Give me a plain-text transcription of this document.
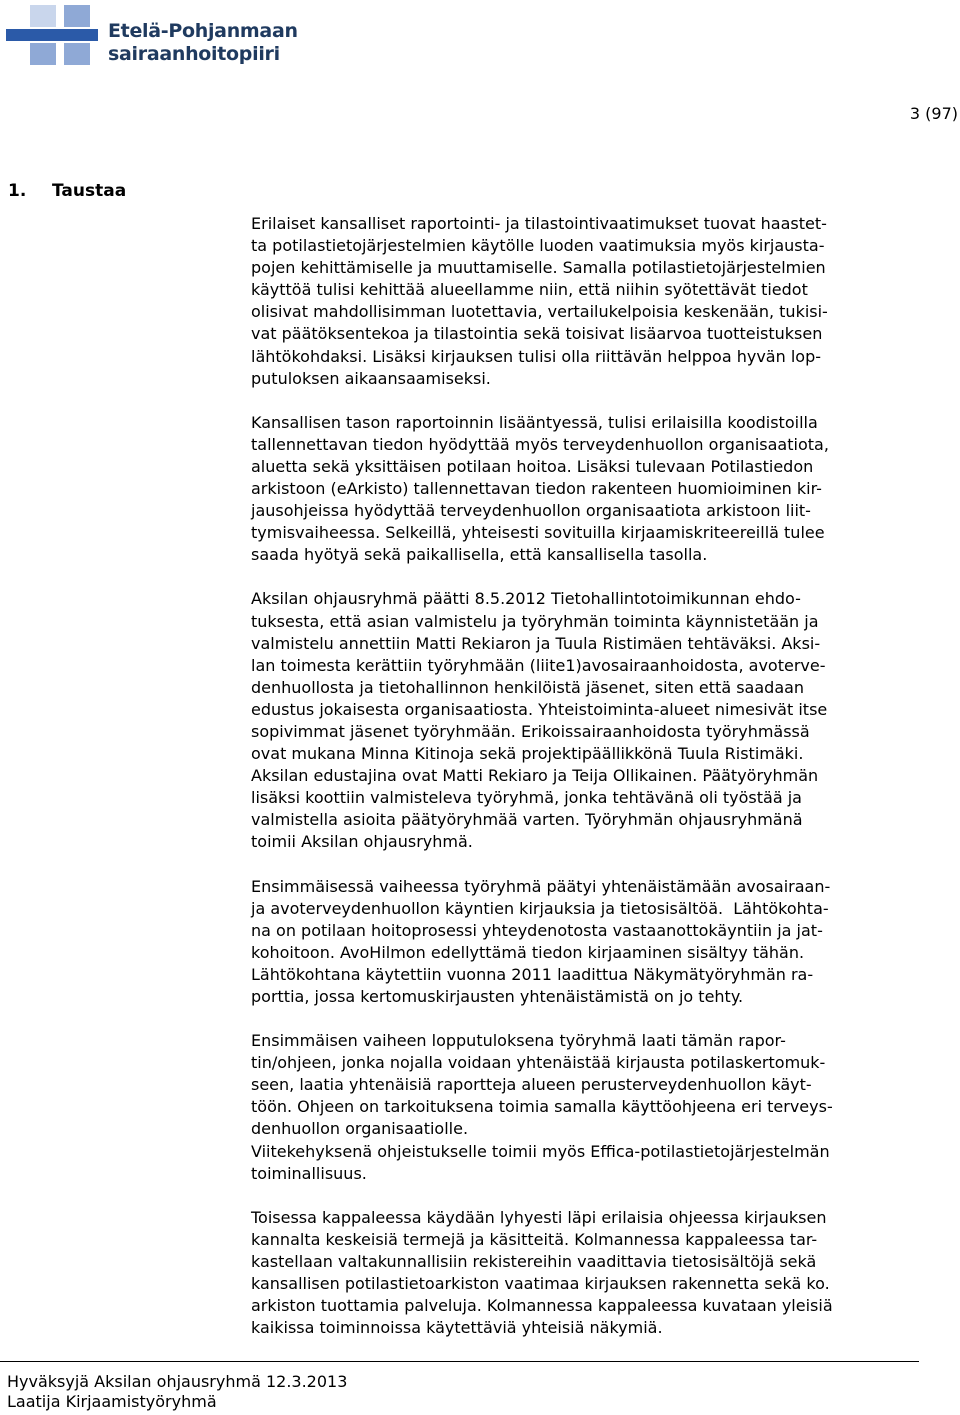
Etelä-Pohjanmaan
sairaanhoitopiiri
3 (97)
1. Taustaa
Erilaiset kansalliset raportointi- ja tilastointivaatimukset tuovat haastet-
ta potilastietojärjestelmien käytölle luoden vaatimuksia myös kirjausta-
pojen kehittämiselle ja muuttamiselle. Samalla potilastietojärjestelmien
käyttöä tulisi kehittää alueellamme niin, että niihin syötettävät tiedot
olisivat mahdollisimman luotettavia, vertailukelpoisia keskenään, tukisi-
vat päätöksentekoa ja tilastointia sekä toisivat lisäarvoa tuotteistuksen
lähtökohdaksi. Lisäksi kirjauksen tulisi olla riittävän helppoa hyvän lop-
putuloksen aikaansaamiseksi.
Kansallisen tason raportoinnin lisääntyessä, tulisi erilaisilla koodistoilla
tallennettavan tiedon hyödyttää myös terveydenhuollon organisaatiota,
aluetta sekä yksittäisen potilaan hoitoa. Lisäksi tulevaan Potilastiedon
arkistoon (eArkisto) tallennettavan tiedon rakenteen huomioiminen kir-
jausohjeissa hyödyttää terveydenhuollon organisaatiota arkistoon liit-
tymisvaiheessa. Selkeillä, yhteisesti sovituilla kirjaamiskriteereillä tulee
saada hyötyä sekä paikallisella, että kansallisella tasolla.
Aksilan ohjausryhmä päätti 8.5.2012 Tietohallintotoimikunnan ehdo-
tuksesta, että asian valmistelu ja työryhmän toiminta käynnistetään ja
valmistelu annettiin Matti Rekiaron ja Tuula Ristimäen tehtäväksi. Aksi-
lan toimesta kerättiin työryhmään (liite1)avosairaanhoidosta, avoterve-
denhuollosta ja tietohallinnon henkilöistä jäsenet, siten että saadaan
edustus jokaisesta organisaatiosta. Yhteistoiminta-alueet nimesivät itse
sopivimmat jäsenet työryhmään. Erikoissairaanhoidosta työryhmässä
ovat mukana Minna Kitinoja sekä projektipäällikkönä Tuula Ristimäki.
Aksilan edustajina ovat Matti Rekiaro ja Teija Ollikainen. Päätyöryhmän
lisäksi koottiin valmisteleva työryhmä, jonka tehtävänä oli työstää ja
valmistella asioita päätyöryhmää varten. Työryhmän ohjausryhmänä
toimii Aksilan ohjausryhmä.
Ensimmäisessä vaiheessa työryhmä päätyi yhtenäistämään avosairaan-
ja avoterveydenhuollon käyntien kirjauksia ja tietosisältöä.  Lähtökohta-
na on potilaan hoitoprosessi yhteydenotosta vastaanottokäyntiin ja jat-
kohoitoon. AvoHilmon edellyttämä tiedon kirjaaminen sisältyy tähän.
Lähtökohtana käytettiin vuonna 2011 laadittua Näkymätyöryhmän ra-
porttia, jossa kertomuskirjausten yhtenäistämistä on jo tehty.
Ensimmäisen vaiheen lopputuloksena työryhmä laati tämän rapor-
tin/ohjeen, jonka nojalla voidaan yhtenäistää kirjausta potilaskertomuk-
seen, laatia yhtenäisiä raportteja alueen perusterveydenhuollon käyt-
töön. Ohjeen on tarkoituksena toimia samalla käyttöohjeena eri terveys-
denhuollon organisaatiolle.
Viitekehyksenä ohjeistukselle toimii myös Effica-potilastietojärjestelmän
toiminallisuus.
Toisessa kappaleessa käydään lyhyesti läpi erilaisia ohjeessa kirjauksen
kannalta keskeisiä termejä ja käsitteitä. Kolmannessa kappaleessa tar-
kastellaan valtakunnallisiin rekistereihin vaadittavia tietosisältöjä sekä
kansallisen potilastietoarkiston vaatimaa kirjauksen rakennetta sekä ko.
arkiston tuottamia palveluja. Kolmannessa kappaleessa kuvataan yleisiä
kaikissa toiminnoissa käytettäviä yhteisiä näkymiä.
Hyväksyjä Aksilan ohjausryhmä 12.3.2013
Laatija Kirjaamistyöryhmä
